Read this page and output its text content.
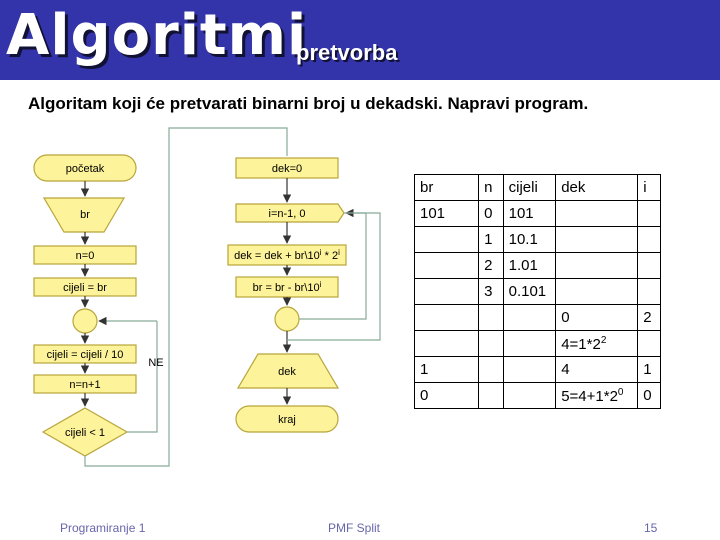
Algoritmi
pretvorba
Algoritam koji će pretvarati binarni broj u dekadski. Napravi program.
početak
br
n=0
cijeli = br
cijeli = cijeli / 10
n=n+1
cijeli < 1
NE
dek=0
i=n-1, 0
dek = dek + $br\backslash 10^i * 2^i$
br = br - br\10$^i$
dek
kraj
br	n	cijeli	dek	i
101	0	101		
	1	10.1		
	2	1.01		
	3	0.101		
			0	2
			$4=1*2^2$	
1			4	1
0			$5=4+1*2^0$	0
Programiranje 1	PMF Split	15
